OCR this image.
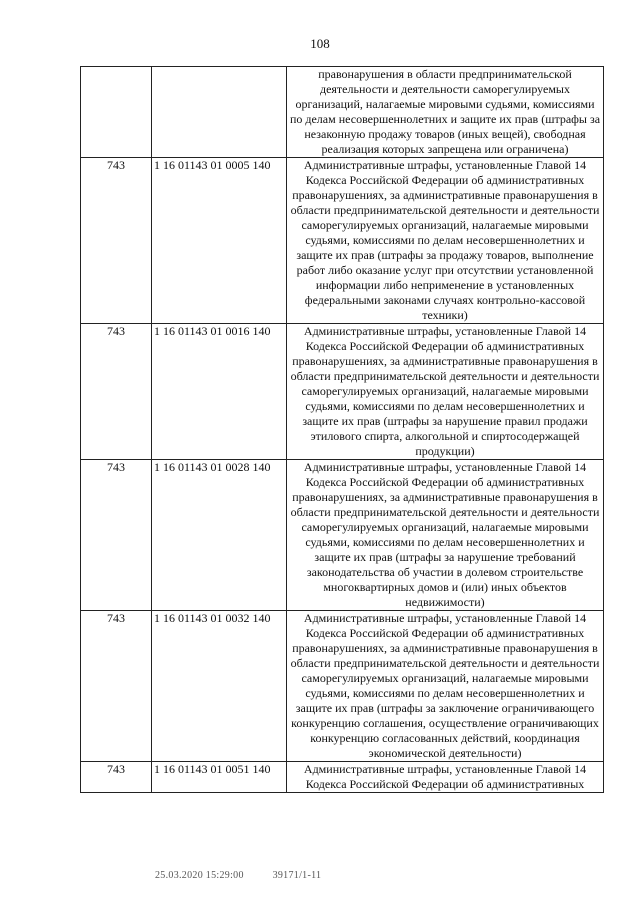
108
		правонарушения в области предпринимательской деятельности и деятельности саморегулируемых организаций, налагаемые мировыми судьями, комиссиями по делам несовершеннолетних и защите их прав (штрафы за незаконную продажу товаров (иных вещей), свободная реализация которых запрещена или ограничена)
743	1 16 01143 01 0005 140	Административные штрафы, установленные Главой 14 Кодекса Российской Федерации об административных правонарушениях, за административные правонарушения в области предпринимательской деятельности и деятельности саморегулируемых организаций, налагаемые мировыми судьями, комиссиями по делам несовершеннолетних и защите их прав (штрафы за продажу товаров, выполнение работ либо оказание услуг при отсутствии установленной информации либо неприменение в установленных федеральными законами случаях контрольно-кассовой техники)
743	1 16 01143 01 0016 140	Административные штрафы, установленные Главой 14 Кодекса Российской Федерации об административных правонарушениях, за административные правонарушения в области предпринимательской деятельности и деятельности саморегулируемых организаций, налагаемые мировыми судьями, комиссиями по делам несовершеннолетних и защите их прав (штрафы за нарушение правил продажи этилового спирта, алкогольной и спиртосодержащей продукции)
743	1 16 01143 01 0028 140	Административные штрафы, установленные Главой 14 Кодекса Российской Федерации об административных правонарушениях, за административные правонарушения в области предпринимательской деятельности и деятельности саморегулируемых организаций, налагаемые мировыми судьями, комиссиями по делам несовершеннолетних и защите их прав (штрафы за нарушение требований законодательства об участии в долевом строительстве многоквартирных домов и (или) иных объектов недвижимости)
743	1 16 01143 01 0032 140	Административные штрафы, установленные Главой 14 Кодекса Российской Федерации об административных правонарушениях, за административные правонарушения в области предпринимательской деятельности и деятельности саморегулируемых организаций, налагаемые мировыми судьями, комиссиями по делам несовершеннолетних и защите их прав (штрафы за заключение ограничивающего конкуренцию соглашения, осуществление ограничивающих конкуренцию согласованных действий, координация экономической деятельности)
743	1 16 01143 01 0051 140	Административные штрафы, установленные Главой 14 Кодекса Российской Федерации об административных
25.03.2020 15:29:00	39171/1-11
